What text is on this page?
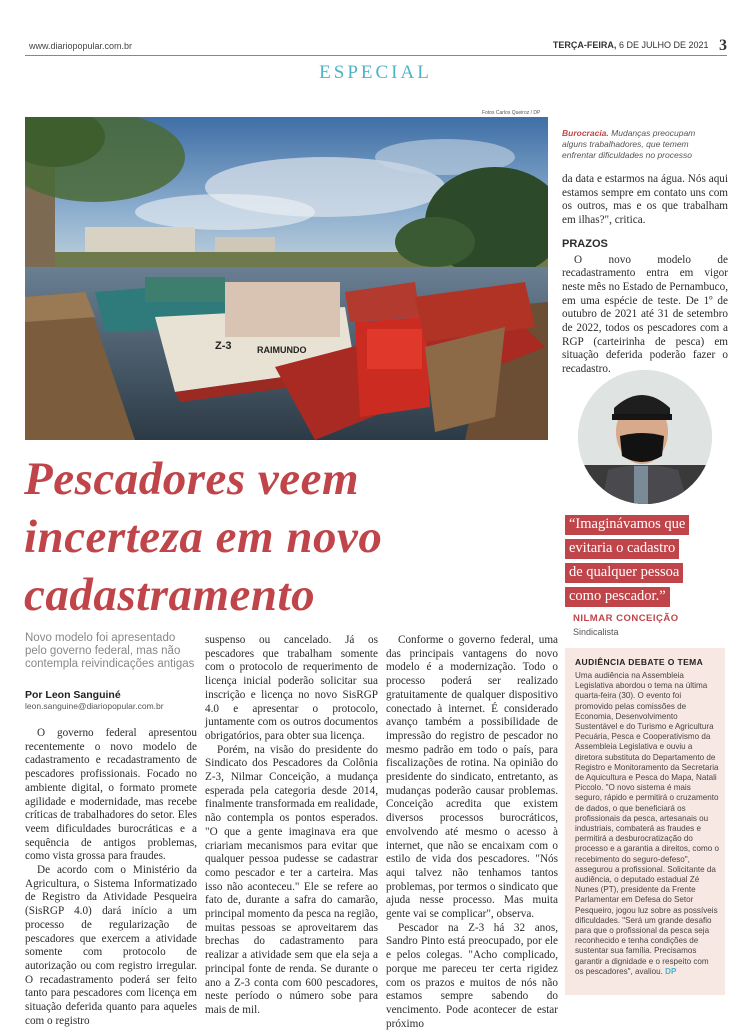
www.diariopopular.com.br	TERÇA-FEIRA, 6 DE JULHO DE 2021 3
ESPECIAL
Fotos Carlos Queiroz / DP
Z-3	RAIMUNDO
Burocracia. Mudanças preocupam alguns trabalhadores, que temem enfrentar dificuldades no processo

da data e estarmos na água. Nós aqui estamos sempre em contato uns com os outros, mas e os que trabalham em ilhas?", critica.

PRAZOS

O novo modelo de recadastramento entra em vigor neste mês no Estado de Pernambuco, em uma espécie de teste. De 1º de outubro de 2021 até 31 de setembro de 2022, todos os pescadores com a RGP (carteirinha de pesca) em situação deferida poderão fazer o recadastro.

“Imaginávamos que
evitaria o cadastro
de qualquer pessoa
como pescador.”
NILMAR CONCEIÇÃO
Sindicalista
AUDIÊNCIA DEBATE O TEMA
Uma audiência na Assembleia Legislativa abordou o tema na última quarta-feira (30). O evento foi promovido pelas comissões de Economia, Desenvolvimento Sustentável e do Turismo e Agricultura Pecuária, Pesca e Cooperativismo da Assembleia Legislativa e ouviu a diretora substituta do Departamento de Registro e Monitoramento da Secretaria de Aquicultura e Pesca do Mapa, Natali Piccolo. "O novo sistema é mais seguro, rápido e permitirá o cruzamento de dados, o que beneficiará os profissionais da pesca, artesanais ou industriais, combaterá as fraudes e permitirá a desburocratização do processo e a garantia a direitos, como o recebimento do seguro-defeso", assegurou a profissional. Solicitante da audiência, o deputado estadual Zé Nunes (PT), presidente da Frente Parlamentar em Defesa do Setor Pesqueiro, jogou luz sobre as possíveis dificuldades. "Será um grande desafio para que o profissional da pesca seja reconhecido e tenha condições de sustentar sua família. Precisamos garantir a dignidade e o respeito com os pescadores", avaliou. DP
Pescadores veem
incerteza em novo
cadastramento
Novo modelo foi apresentado pelo governo federal, mas não contempla reivindicações antigas
Por Leon Sanguiné
leon.sanguine@diariopopular.com.br

O governo federal apresentou recentemente o novo modelo de cadastramento e recadastramento de pescadores profissionais. Focado no ambiente digital, o formato promete agilidade e modernidade, mas recebe críticas de trabalhadores do setor. Eles veem dificuldades burocráticas e a sequência de antigos problemas, como vista grossa para fraudes.

De acordo com o Ministério da Agricultura, o Sistema Informatizado de Registro da Atividade Pesqueira (SisRGP 4.0) dará início a um processo de regularização de pescadores que exercem a atividade somente com protocolo de autorização ou com registro irregular. O recadastramento poderá ser feito tanto para pescadores com licença em situação deferida quanto para aqueles com o registro

suspenso ou cancelado. Já os pescadores que trabalham somente com o protocolo de requerimento de licença inicial poderão solicitar sua inscrição e licença no novo SisRGP 4.0 e apresentar o protocolo, juntamente com os outros documentos obrigatórios, para obter sua licença.

Porém, na visão do presidente do Sindicato dos Pescadores da Colônia Z-3, Nilmar Conceição, a mudança esperada pela categoria desde 2014, finalmente transformada em realidade, não contempla os pontos esperados. "O que a gente imaginava era que criariam mecanismos para evitar que qualquer pessoa pudesse se cadastrar como pescador e ter a carteira. Mas isso não aconteceu." Ele se refere ao fato de, durante a safra do camarão, principal momento da pesca na região, muitas pessoas se aproveitarem das brechas do cadastramento para realizar a atividade sem que ela seja a principal fonte de renda. Se durante o ano a Z-3 conta com 600 pescadores, neste período o número sobe para mais de mil.

Conforme o governo federal, uma das principais vantagens do novo modelo é a modernização. Todo o processo poderá ser realizado gratuitamente de qualquer dispositivo conectado à internet. É considerado avanço também a possibilidade de impressão do registro de pescador no mesmo padrão em todo o país, para fiscalizações de rotina. Na opinião do presidente do sindicato, entretanto, as mudanças poderão causar problemas. Conceição acredita que existem diversos processos burocráticos, envolvendo até mesmo o acesso à internet, que não se encaixam com o estilo de vida dos pescadores. "Nós aqui talvez não tenhamos tantos problemas, por termos o sindicato que ajuda nesse processo. Mas muita gente vai se complicar", observa.

Pescador na Z-3 há 32 anos, Sandro Pinto está preocupado, por ele e pelos colegas. "Acho complicado, porque me pareceu ter certa rigidez com os prazos e muitos de nós não estamos sempre sabendo do vencimento. Pode acontecer de estar próximo
